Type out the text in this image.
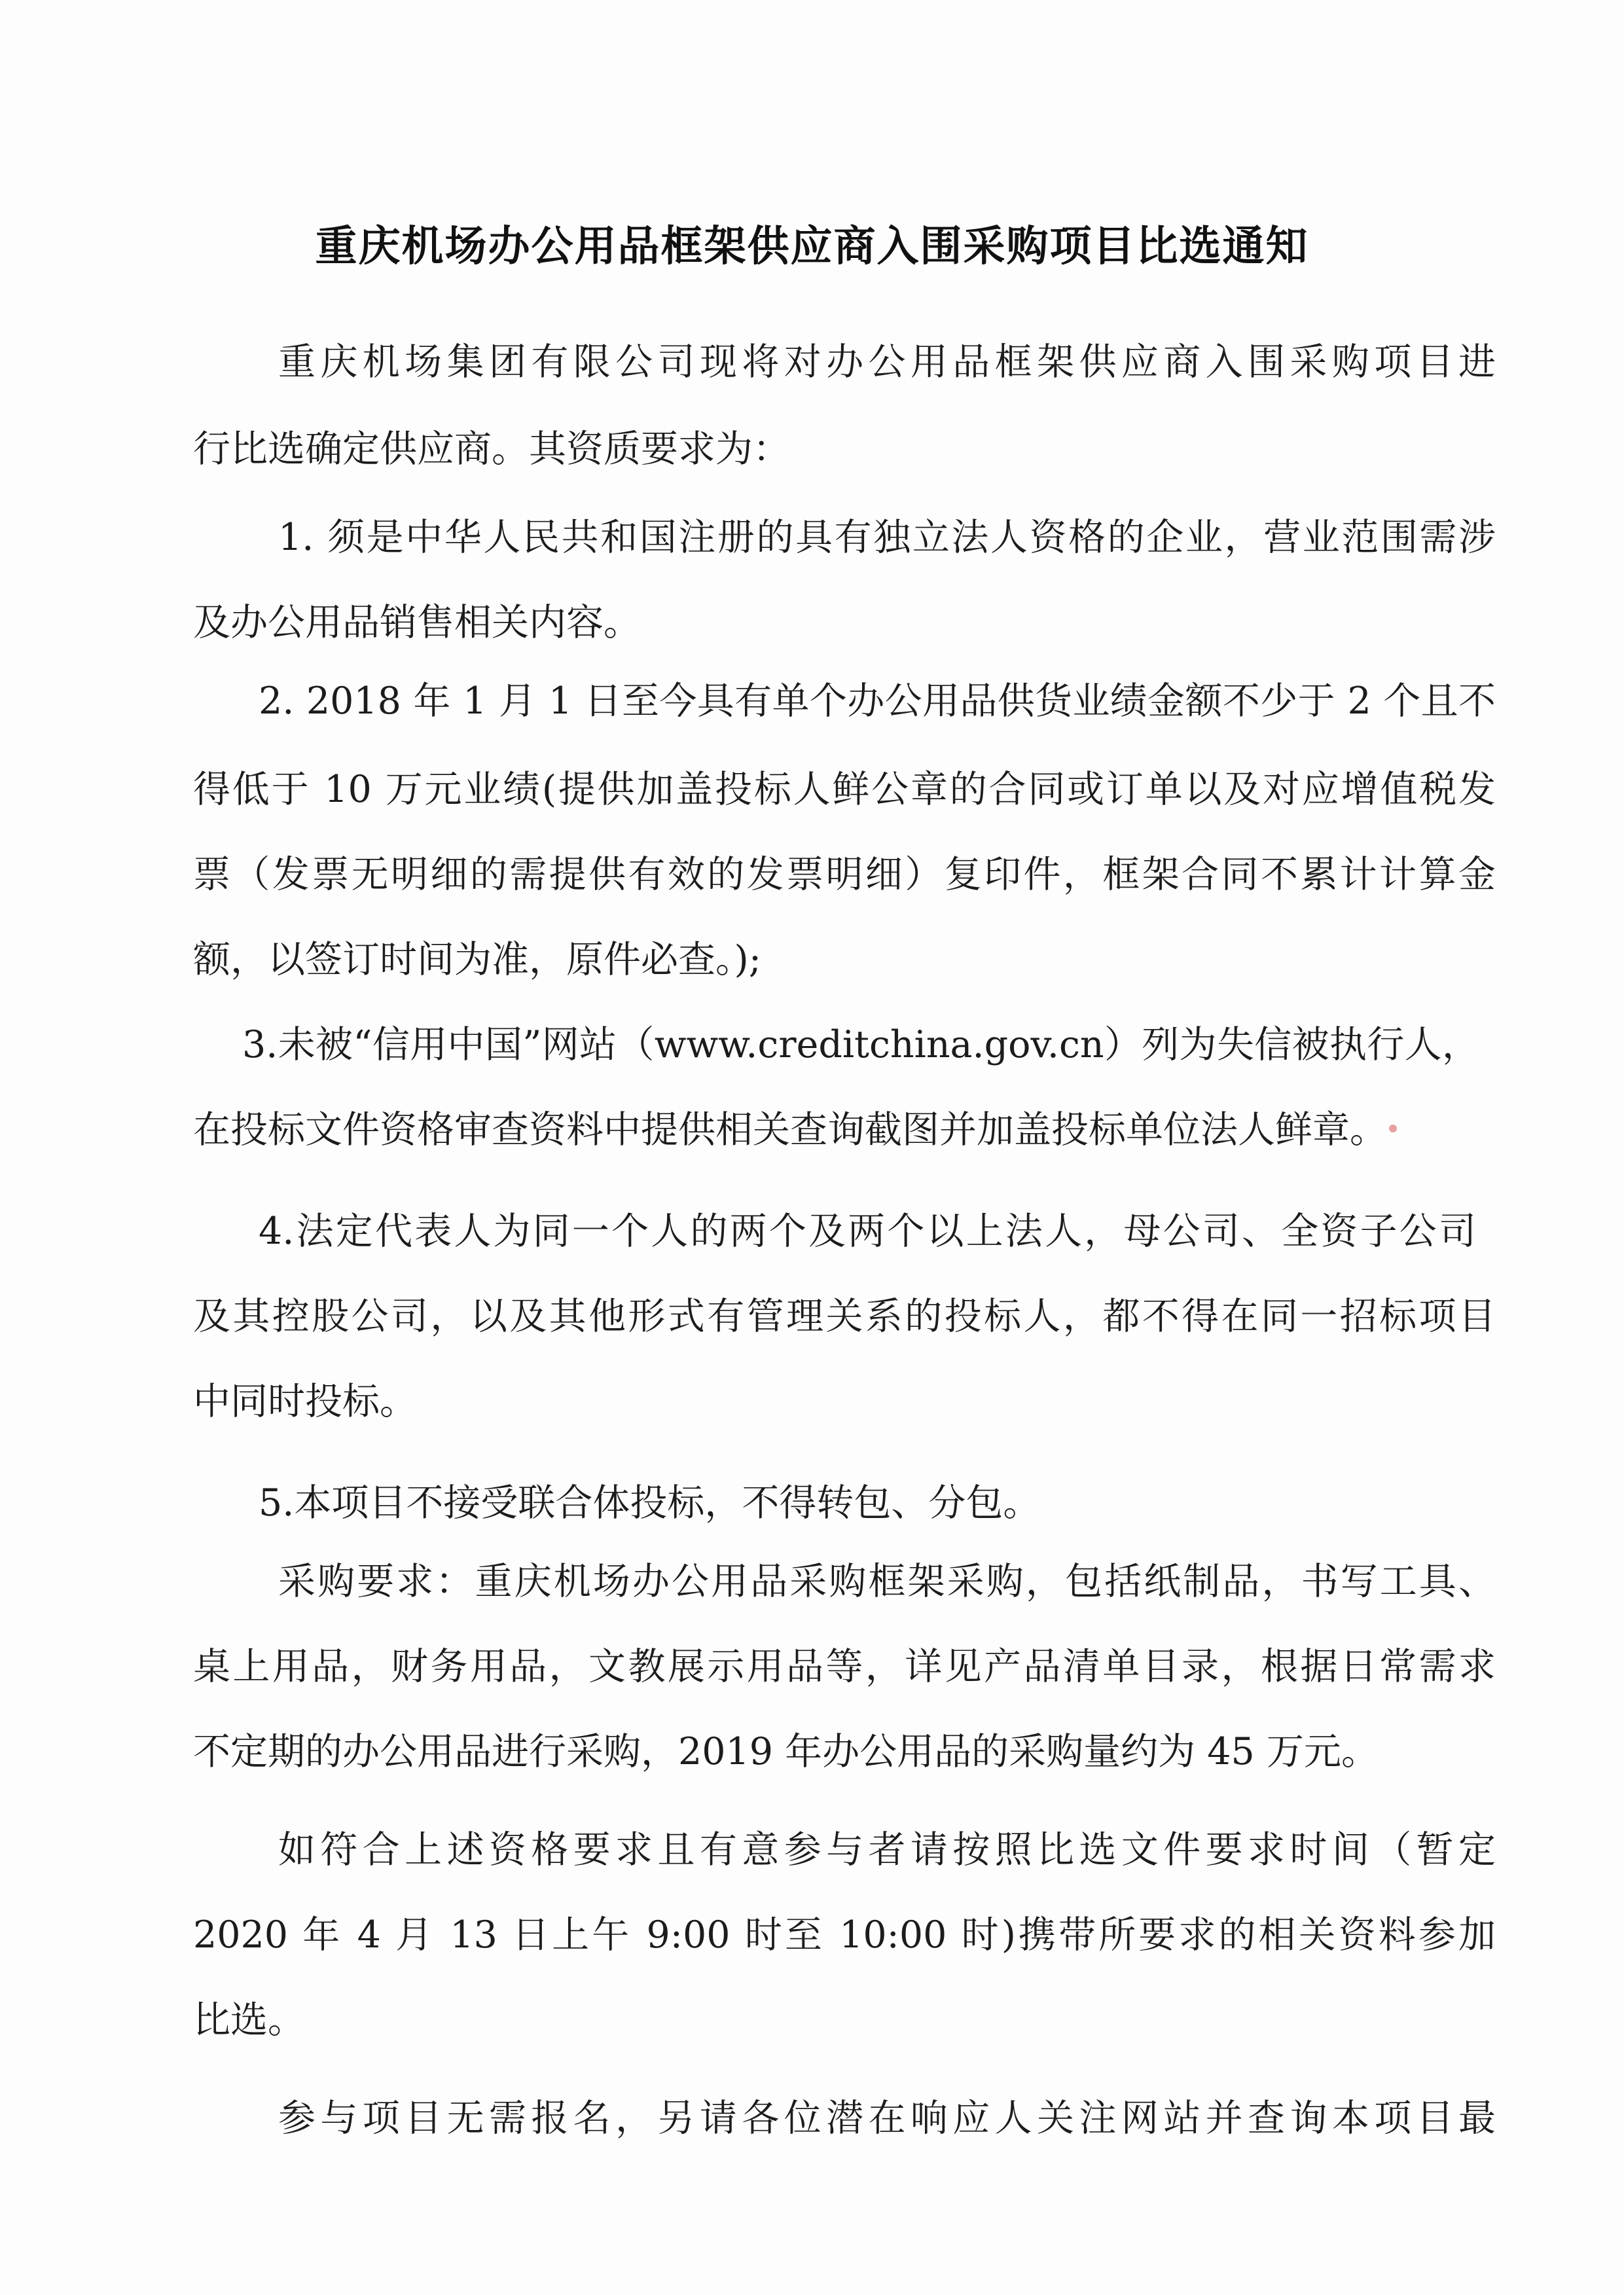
重庆机场办公用品框架供应商入围采购项目比选通知

重庆机场集团有限公司现将对办公用品框架供应商入围采购项目进

行比选确定供应商。其资质要求为：

1. 须是中华人民共和国注册的具有独立法人资格的企业，营业范围需涉

及办公用品销售相关内容。

2. 2018 年 1 月 1 日至今具有单个办公用品供货业绩金额不少于 2 个且不

得低于 10 万元业绩(提供加盖投标人鲜公章的合同或订单以及对应增值税发

票（发票无明细的需提供有效的发票明细）复印件，框架合同不累计计算金

额，以签订时间为准，原件必查。);

3.未被“信用中国”网站（www.creditchina.gov.cn）列为失信被执行人，

在投标文件资格审查资料中提供相关查询截图并加盖投标单位法人鲜章。

4.法定代表人为同一个人的两个及两个以上法人，母公司、全资子公司

及其控股公司，以及其他形式有管理关系的投标人，都不得在同一招标项目

中同时投标。

5.本项目不接受联合体投标，不得转包、分包。

采购要求：重庆机场办公用品采购框架采购，包括纸制品，书写工具、

桌上用品，财务用品，文教展示用品等，详见产品清单目录，根据日常需求

不定期的办公用品进行采购，2019 年办公用品的采购量约为 45 万元。

如符合上述资格要求且有意参与者请按照比选文件要求时间（暂定

2020 年 4 月 13 日上午 9:00 时至 10:00 时)携带所要求的相关资料参加

比选。

参与项目无需报名，另请各位潜在响应人关注网站并查询本项目最
